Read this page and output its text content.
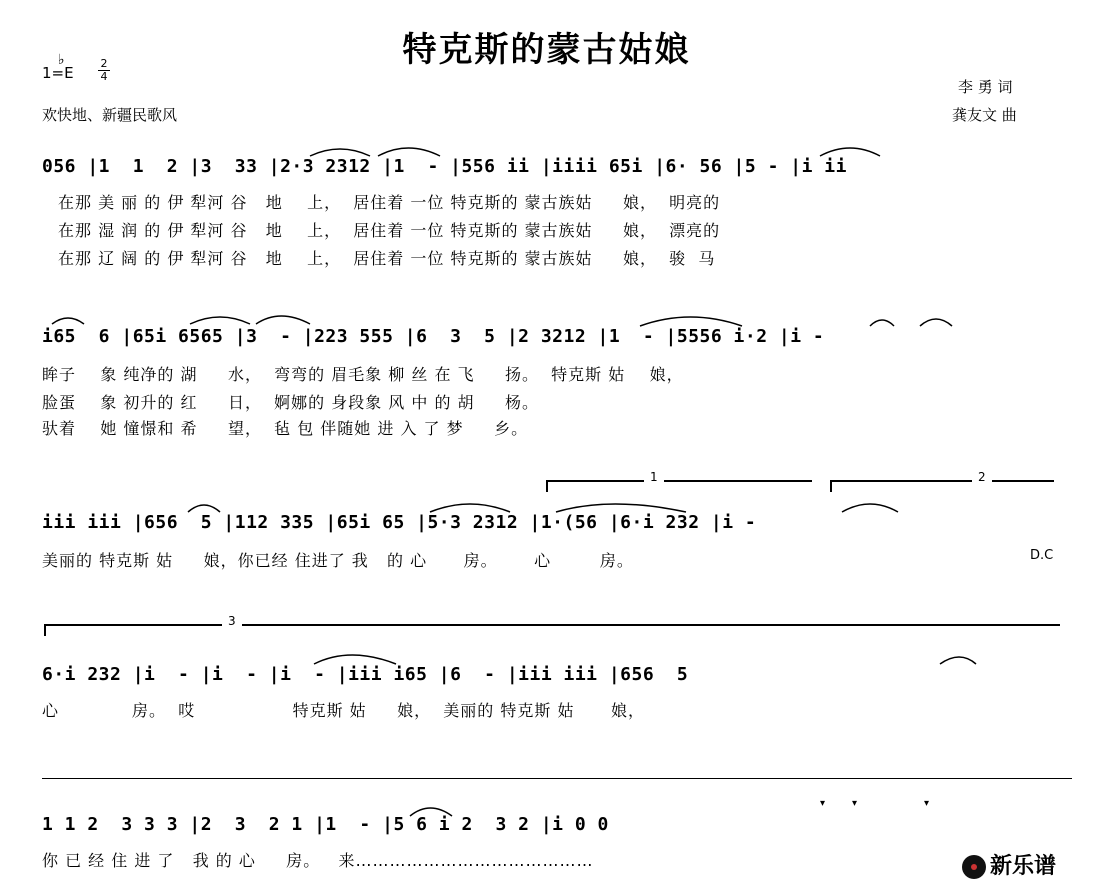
特克斯的蒙古姑娘
♭
1=E
2
4
欢快地、新疆民歌风
李 勇 词
龚友文 曲
056 |1  1  2 |3  33 |2·3 2312 |1  - |556 ii |iiii 65i |6· 56 |5 - |i ii
在那 美 丽 的 伊 犁河 谷   地    上，  居住着 一位 特克斯的 蒙古族姑     娘，  明亮的
在那 湿 润 的 伊 犁河 谷   地    上，  居住着 一位 特克斯的 蒙古族姑     娘，  漂亮的
在那 辽 阔 的 伊 犁河 谷   地    上，  居住着 一位 特克斯的 蒙古族姑     娘，  骏  马
i65  6 |65i 6565 |3  - |223 555 |6  3  5 |2 3212 |1  - |5556 i·2 |i -
眸子    象 纯净的 湖     水，  弯弯的 眉毛象 柳 丝 在 飞     扬。  特克斯 姑    娘，
脸蛋    象 初升的 红     日，  婀娜的 身段象 风 中 的 胡     杨。
驮着    她 憧憬和 希     望，  毡 包 伴随她 进 入 了 梦     乡。
1	2
iii iii |656  5 |112 335 |65i 65 |5·3 2312 |1·(56 |6·i 232 |i -
美丽的 特克斯 姑     娘，你已经 住进了 我   的 心      房。      心        房。	D.C
3
6·i 232 |i  - |i  - |i  - |iii i65 |6  - |iii iii |656  5
心            房。  哎                特克斯 姑     娘，  美丽的 特克斯 姑      娘，
1 1 2  3 3 3 |2  3  2 1 |1  - |5 6 i 2  3 2 |i 0 0
▾	▾	▾
你 已 经 住 进 了   我 的 心     房。   来……………………………………	新乐谱
